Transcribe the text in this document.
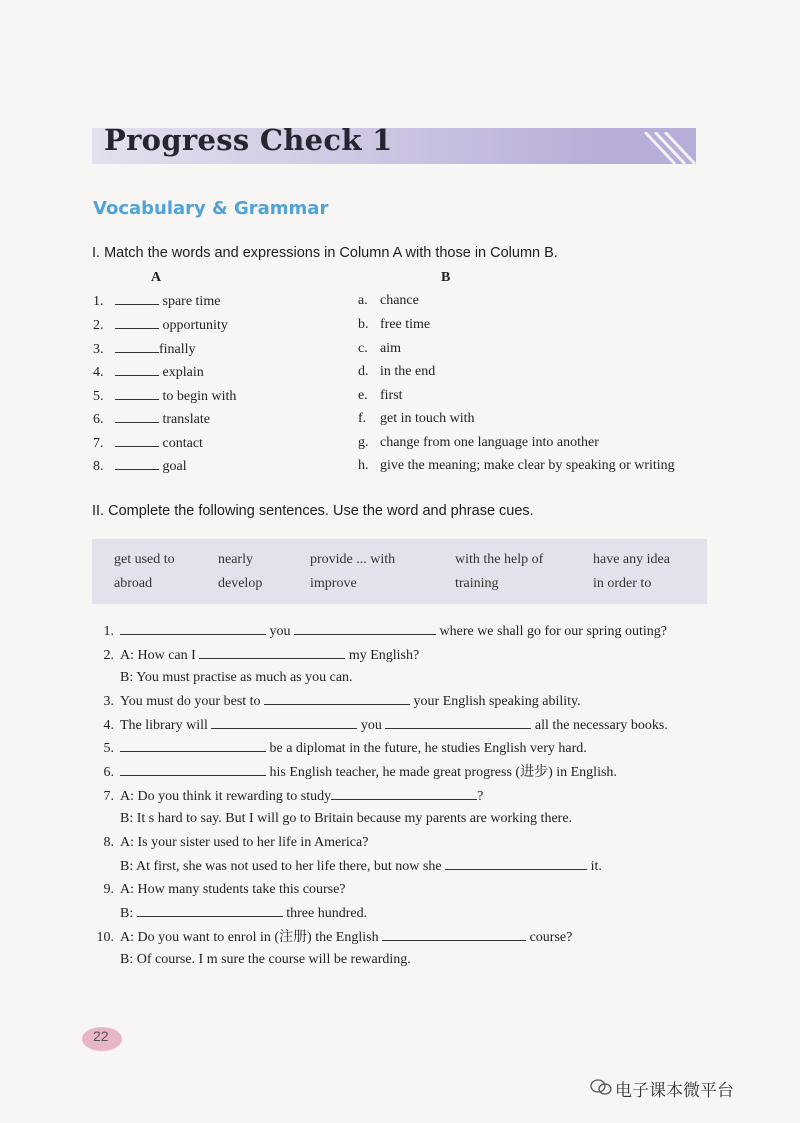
Progress Check 1
Vocabulary & Grammar
I. Match the words and expressions in Column A with those in Column B.
A	B
1.	spare time	a. chance
2.	opportunity	b. free time
3.	finally	c. aim
4.	explain	d. in the end
5.	to begin with	e. first
6.	translate	f. get in touch with
7.	contact	g. change from one language into another
8.	goal	h. give the meaning; make clear by speaking or writing
II. Complete the following sentences. Use the word and phrase cues.
get used to	nearly	provide ... with	with the help of	have any idea
abroad	develop	improve	training	in order to
1.	you	where we shall go for our spring outing?
2. A: How can I	my English?
B: You must practise as much as you can.
3. You must do your best to	your English speaking ability.
4. The library will	you	all the necessary books.
5.	be a diplomat in the future, he studies English very hard.
6.	his English teacher, he made great progress (进步) in English.
7. A: Do you think it rewarding to study	?
B: It s hard to say. But I will go to Britain because my parents are working there.
8. A: Is your sister used to her life in America?
B: At first, she was not used to her life there, but now she	it.
9. A: How many students take this course?
B:	three hundred.
10. A: Do you want to enrol in (注册) the English	course?
B: Of course. I m sure the course will be rewarding.
22
电子课本微平台
